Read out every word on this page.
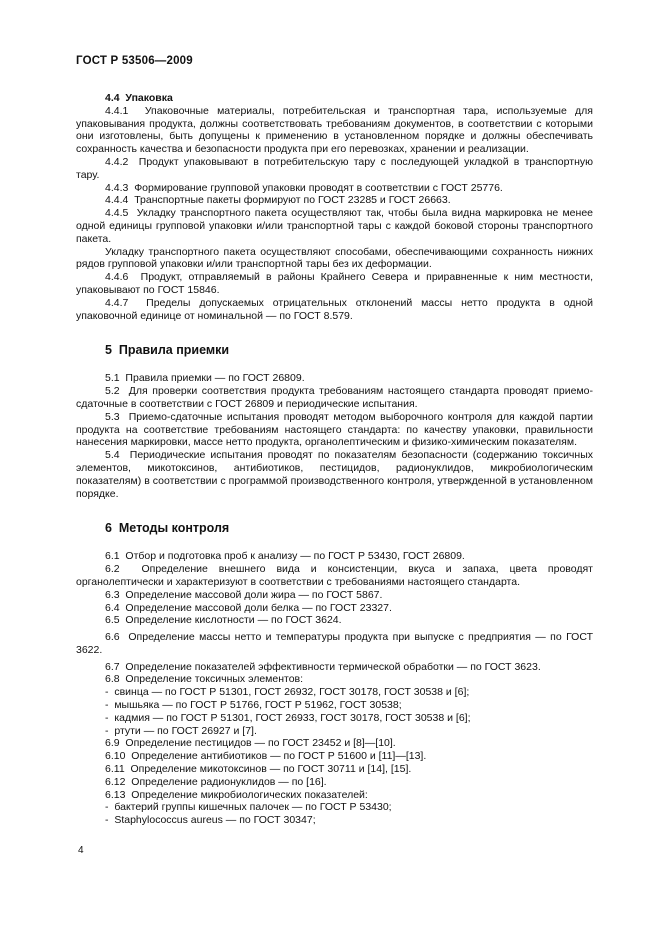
ГОСТ Р 53506—2009

4.4  Упаковка

4.4.1  Упаковочные материалы, потребительская и транспортная тара, используемые для упаковывания продукта, должны соответствовать требованиям документов, в соответствии с которыми они изготовлены, быть допущены к применению в установленном порядке и должны обеспечивать сохранность качества и безопасности продукта при его перевозках, хранении и реализации.

4.4.2  Продукт упаковывают в потребительскую тару с последующей укладкой в транспортную тару.

4.4.3  Формирование групповой упаковки проводят в соответствии с ГОСТ 25776.

4.4.4  Транспортные пакеты формируют по ГОСТ 23285 и ГОСТ 26663.

4.4.5  Укладку транспортного пакета осуществляют так, чтобы была видна маркировка не менее одной единицы групповой упаковки и/или транспортной тары с каждой боковой стороны транспортного пакета.

Укладку транспортного пакета осуществляют способами, обеспечивающими сохранность нижних рядов групповой упаковки и/или транспортной тары без их деформации.

4.4.6  Продукт, отправляемый в районы Крайнего Севера и приравненные к ним местности, упаковывают по ГОСТ 15846.

4.4.7  Пределы допускаемых отрицательных отклонений массы нетто продукта в одной упаковочной единице от номинальной — по ГОСТ 8.579.

5  Правила приемки

5.1  Правила приемки — по ГОСТ 26809.

5.2  Для проверки соответствия продукта требованиям настоящего стандарта проводят приемо-сдаточные в соответствии с ГОСТ 26809 и периодические испытания.

5.3  Приемо-сдаточные испытания проводят методом выборочного контроля для каждой партии продукта на соответствие требованиям настоящего стандарта: по качеству упаковки, правильности нанесения маркировки, массе нетто продукта, органолептическим и физико-химическим показателям.

5.4  Периодические испытания проводят по показателям безопасности (содержанию токсичных элементов, микотоксинов, антибиотиков, пестицидов, радионуклидов, микробиологическим показателям) в соответствии с программой производственного контроля, утвержденной в установленном порядке.

6  Методы контроля

6.1  Отбор и подготовка проб к анализу — по ГОСТ Р 53430, ГОСТ 26809.

6.2  Определение внешнего вида и консистенции, вкуса и запаха, цвета проводят органолептически и характеризуют в соответствии с требованиями настоящего стандарта.

6.3  Определение массовой доли жира — по ГОСТ 5867.

6.4  Определение массовой доли белка — по ГОСТ 23327.

6.5  Определение кислотности — по ГОСТ 3624.

6.6  Определение массы нетто и температуры продукта при выпуске с предприятия — по ГОСТ 3622.

6.7  Определение показателей эффективности термической обработки — по ГОСТ 3623.

6.8  Определение токсичных элементов:

-  свинца — по ГОСТ Р 51301, ГОСТ 26932, ГОСТ 30178, ГОСТ 30538 и [6];

-  мышьяка — по ГОСТ Р 51766, ГОСТ Р 51962, ГОСТ 30538;

-  кадмия — по ГОСТ Р 51301, ГОСТ 26933, ГОСТ 30178, ГОСТ 30538 и [6];

-  ртути — по ГОСТ 26927 и [7].

6.9  Определение пестицидов — по ГОСТ 23452 и [8]—[10].

6.10  Определение антибиотиков — по ГОСТ Р 51600 и [11]—[13].

6.11  Определение микотоксинов — по ГОСТ 30711 и [14], [15].

6.12  Определение радионуклидов — по [16].

6.13  Определение микробиологических показателей:

-  бактерий группы кишечных палочек — по ГОСТ Р 53430;

-  Staphylococcus aureus — по ГОСТ 30347;

4
